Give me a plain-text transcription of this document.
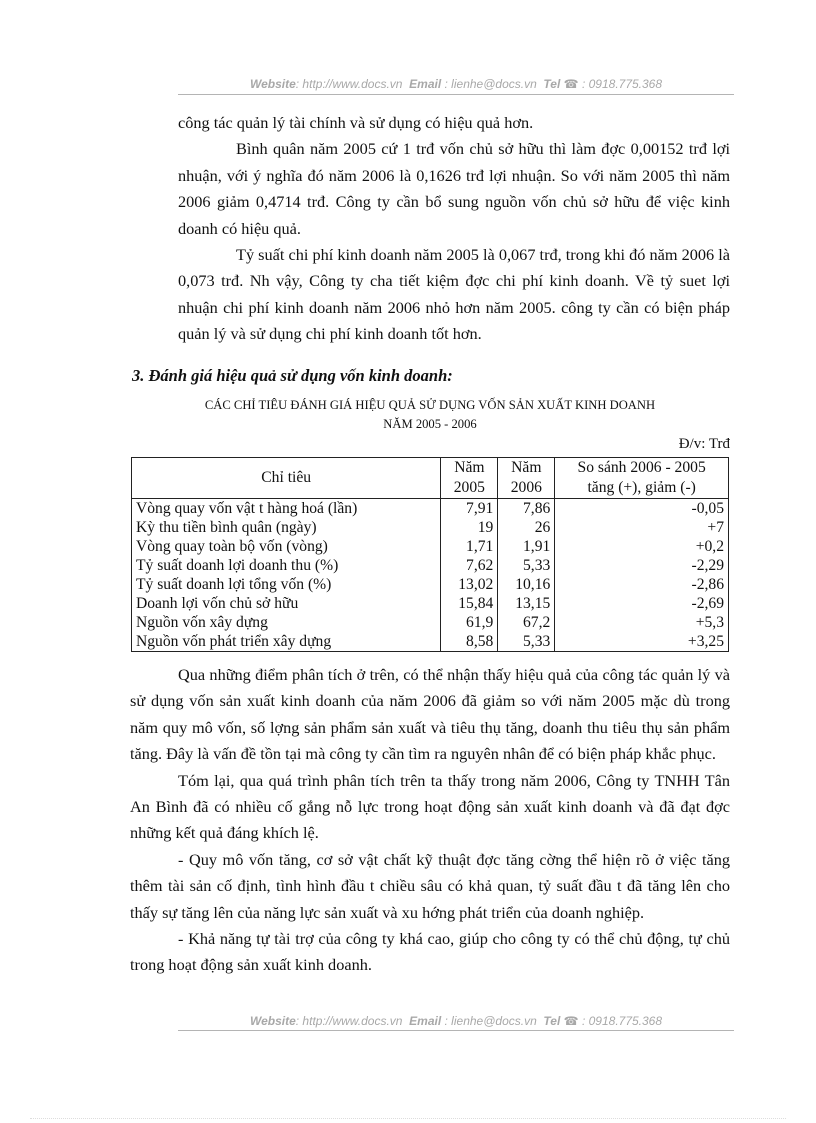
Website: http://www.docs.vn Email : lienhe@docs.vn Tel ☎ : 0918.775.368

công tác quản lý tài chính và sử dụng có hiệu quả hơn.

Bình quân năm 2005 cứ 1 trđ vốn chủ sở hữu thì làm đợc 0,00152 trđ lợi nhuận, với ý nghĩa đó năm 2006 là 0,1626 trđ lợi nhuận. So với năm 2005 thì năm 2006 giảm 0,4714 trđ. Công ty cần bổ sung nguồn vốn chủ sở hữu để việc kinh doanh có hiệu quả.

Tỷ suất chi phí kinh doanh năm 2005 là 0,067 trđ, trong khi đó năm 2006 là 0,073 trđ. Nh vậy, Công ty cha tiết kiệm đợc chi phí kinh doanh. Về tỷ suet lợi nhuận chi phí kinh doanh năm 2006 nhỏ hơn năm 2005. công ty cần có biện pháp quản lý và sử dụng chi phí kinh doanh tốt hơn.

3. Đánh giá hiệu quả sử dụng vốn kinh doanh:
CÁC CHỈ TIÊU ĐÁNH GIÁ HIỆU QUẢ SỬ DỤNG VỐN SẢN XUẤT KINH DOANH
NĂM 2005 - 2006
Đ/v: Trđ
Chỉ tiêu	Năm 2005	Năm 2006	So sánh 2006 - 2005
tăng (+), giảm (-)

Vòng quay vốn vật t hàng hoá (lần)	7,91	7,86	-0,05
Kỳ thu tiền bình quân (ngày)	19	26	+7
Vòng quay toàn bộ vốn (vòng)	1,71	1,91	+0,2
Tỷ suất doanh lợi doanh thu (%)	7,62	5,33	-2,29
Tỷ suất doanh lợi tổng vốn (%)	13,02	10,16	-2,86
Doanh lợi vốn chủ sở hữu	15,84	13,15	-2,69
Nguồn vốn xây dựng	61,9	67,2	+5,3
Nguồn vốn phát triển xây dựng	8,58	5,33	+3,25

Qua những điểm phân tích ở trên, có thể nhận thấy hiệu quả của công tác quản lý và sử dụng vốn sản xuất kinh doanh của năm 2006 đã giảm so với năm 2005 mặc dù trong năm quy mô vốn, số lợng sản phẩm sản xuất và tiêu thụ tăng, doanh thu tiêu thụ sản phẩm tăng. Đây là vấn đề tồn tại mà công ty cần tìm ra nguyên nhân để có biện pháp khắc phục.

Tóm lại, qua quá trình phân tích trên ta thấy trong năm 2006, Công ty TNHH Tân An Bình đã có nhiều cố gắng nỗ lực trong hoạt động sản xuất kinh doanh và đã đạt đợc những kết quả đáng khích lệ.

- Quy mô vốn tăng, cơ sở vật chất kỹ thuật đợc tăng cờng thể hiện rõ ở việc tăng thêm tài sản cố định, tình hình đầu t chiều sâu có khả quan, tỷ suất đầu t đã tăng lên cho thấy sự tăng lên của năng lực sản xuất và xu hớng phát triển của doanh nghiệp.

- Khả năng tự tài trợ của công ty khá cao, giúp cho công ty có thể chủ động, tự chủ trong hoạt động sản xuất kinh doanh.

Website: http://www.docs.vn Email : lienhe@docs.vn Tel ☎ : 0918.775.368
